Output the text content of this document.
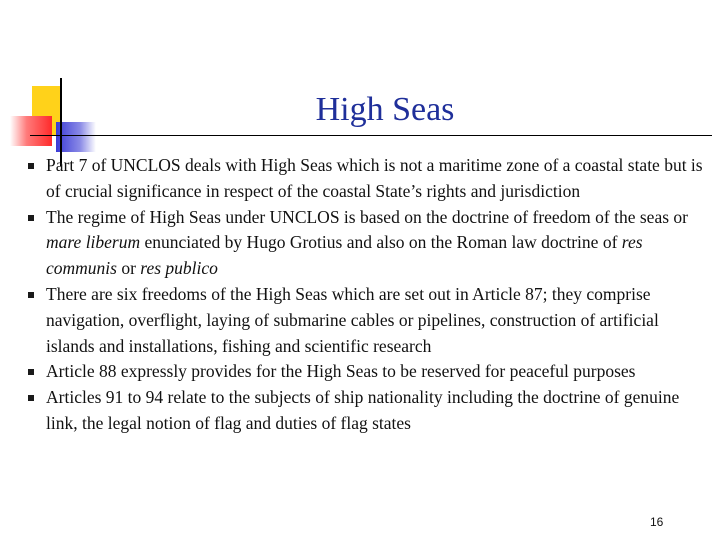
High Seas
Part 7 of UNCLOS deals with High Seas which is not a maritime zone of a coastal state but is of crucial significance in respect of the coastal State’s rights and jurisdiction
The regime of High Seas under UNCLOS is based on the doctrine of freedom of the seas or mare liberum enunciated by Hugo Grotius and also on the Roman law doctrine of res communis or res publico
There are six freedoms of the High Seas which are set out in Article 87; they comprise navigation, overflight, laying of submarine cables or pipelines, construction of artificial islands and installations, fishing and scientific research
Article 88 expressly provides for the High Seas to be reserved for peaceful purposes
Articles 91 to 94 relate to the subjects of ship nationality including the doctrine of genuine link, the legal notion of flag and duties of flag states
16
